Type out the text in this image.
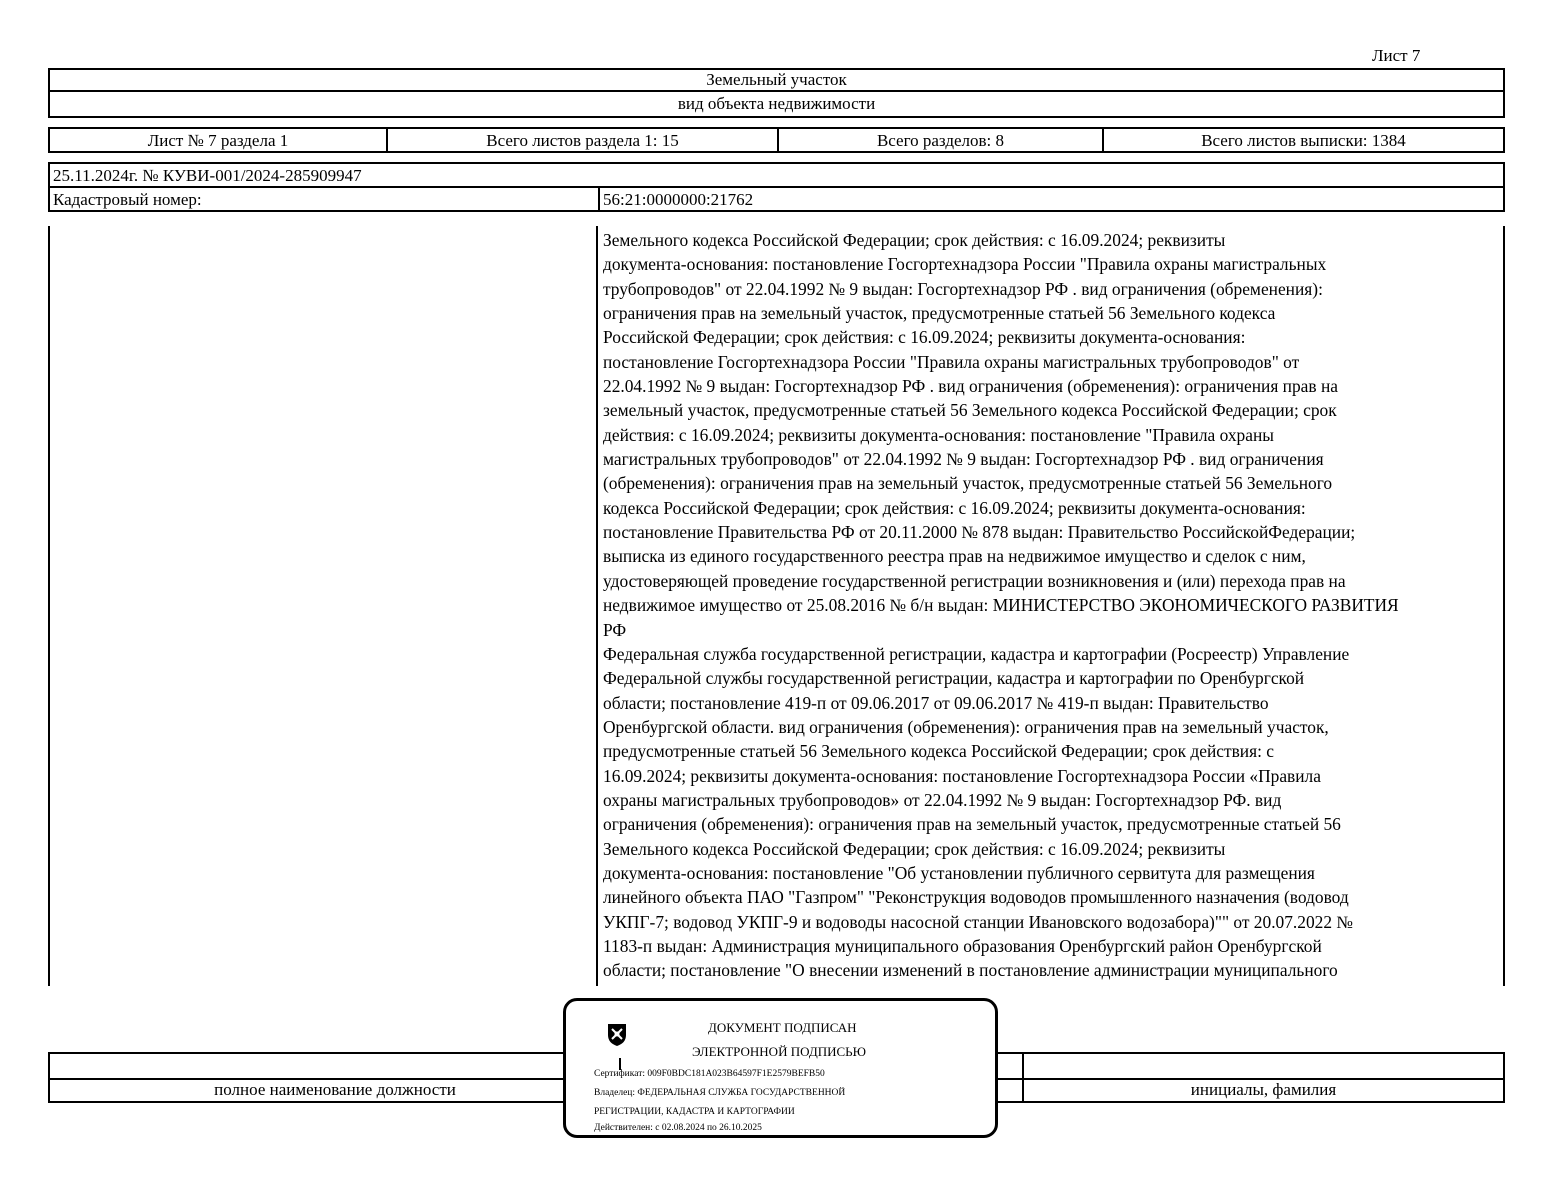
Лист 7
Земельный участок
вид объекта недвижимости
Лист № 7 раздела 1	Всего листов раздела 1: 15	Всего разделов: 8	Всего листов выписки: 1384
25.11.2024г. № КУВИ-001/2024-285909947
Кадастровый номер:	56:21:0000000:21762
Земельного кодекса Российской Федерации; срок действия: с 16.09.2024; реквизиты
документа-основания: постановление Госгортехнадзора России "Правила охраны магистральных
трубопроводов" от 22.04.1992 № 9 выдан: Госгортехнадзор РФ . вид ограничения (обременения):
ограничения прав на земельный участок, предусмотренные статьей 56 Земельного кодекса
Российской Федерации; срок действия: с 16.09.2024; реквизиты документа-основания:
постановление Госгортехнадзора России "Правила охраны магистральных трубопроводов" от
22.04.1992 № 9 выдан: Госгортехнадзор РФ . вид ограничения (обременения): ограничения прав на
земельный участок, предусмотренные статьей 56 Земельного кодекса Российской Федерации; срок
действия: с 16.09.2024; реквизиты документа-основания: постановление "Правила охраны
магистральных трубопроводов" от 22.04.1992 № 9 выдан: Госгортехнадзор РФ . вид ограничения
(обременения): ограничения прав на земельный участок, предусмотренные статьей 56 Земельного
кодекса Российской Федерации; срок действия: с 16.09.2024; реквизиты документа-основания:
постановление Правительства РФ от 20.11.2000 № 878 выдан: Правительство РоссийскойФедерации;
выписка из единого государственного реестра прав на недвижимое имущество и сделок с ним,
удостоверяющей проведение государственной регистрации возникновения и (или) перехода прав на
недвижимое имущество от 25.08.2016 № б/н выдан: МИНИСТЕРСТВО ЭКОНОМИЧЕСКОГО РАЗВИТИЯ
РФ
Федеральная служба государственной регистрации, кадастра и картографии (Росреестр) Управление
Федеральной службы государственной регистрации, кадастра и картографии по Оренбургской
области; постановление 419-п от 09.06.2017 от 09.06.2017 № 419-п выдан: Правительство
Оренбургской области. вид ограничения (обременения): ограничения прав на земельный участок,
предусмотренные статьей 56 Земельного кодекса Российской Федерации; срок действия: с
16.09.2024; реквизиты документа-основания: постановление Госгортехнадзора России «Правила
охраны магистральных трубопроводов» от 22.04.1992 № 9 выдан: Госгортехнадзор РФ. вид
ограничения (обременения): ограничения прав на земельный участок, предусмотренные статьей 56
Земельного кодекса Российской Федерации; срок действия: с 16.09.2024; реквизиты
документа-основания: постановление "Об установлении публичного сервитута для размещения
линейного объекта ПАО "Газпром" "Реконструкция водоводов промышленного назначения (водовод
УКПГ-7; водовод УКПГ-9 и водоводы насосной станции Ивановского водозабора)"" от 20.07.2022 №
1183-п выдан: Администрация муниципального образования Оренбургский район Оренбургской
области; постановление "О внесении изменений в постановление администрации муниципального
полное наименование должности	инициалы, фамилия
ДОКУМЕНТ ПОДПИСАН
ЭЛЕКТРОННОЙ ПОДПИСЬЮ
Сертификат: 009F0BDC181A023B64597F1E2579BEFB50
Владелец: ФЕДЕРАЛЬНАЯ СЛУЖБА ГОСУДАРСТВЕННОЙ
РЕГИСТРАЦИИ, КАДАСТРА И КАРТОГРАФИИ
Действителен: с 02.08.2024 по 26.10.2025
